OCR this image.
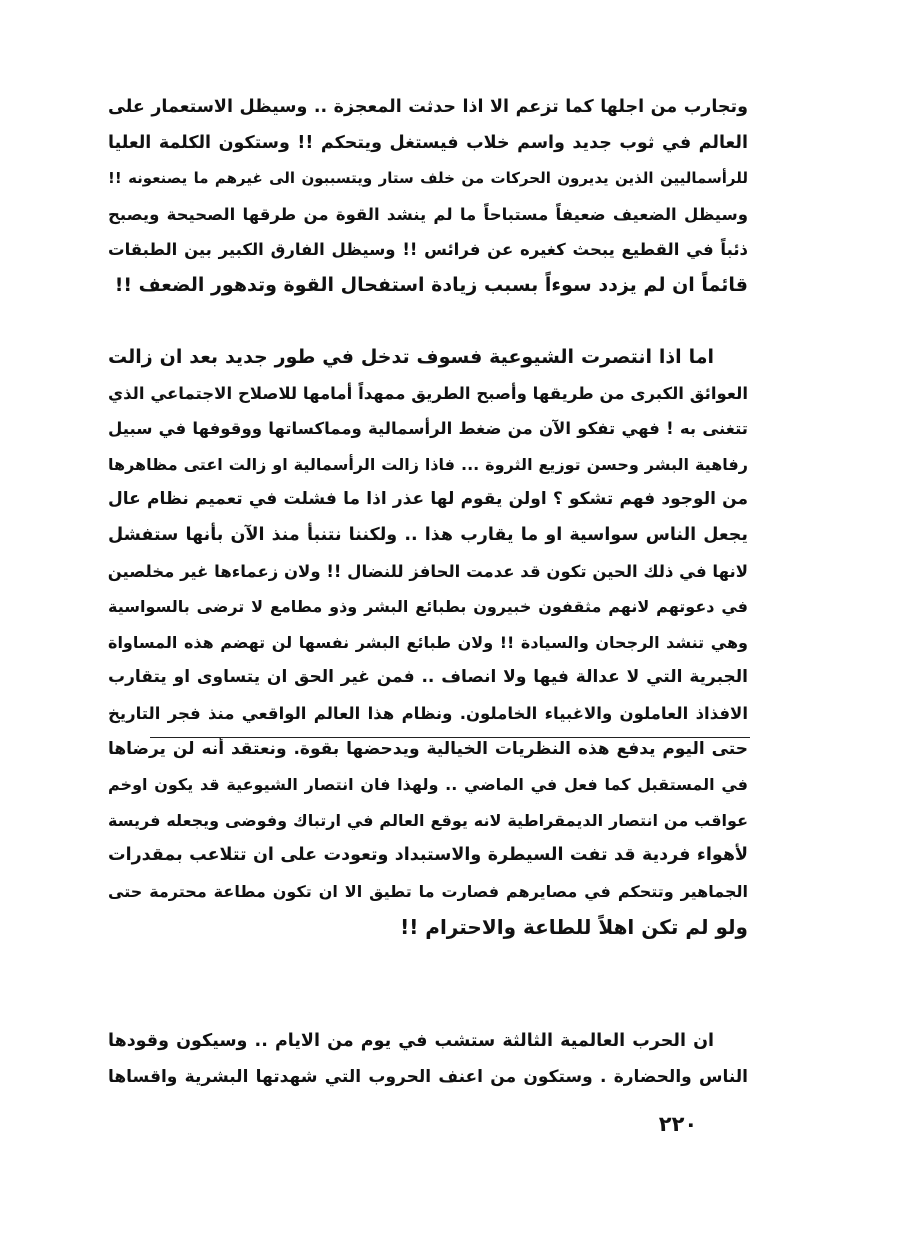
وتجارب من اجلها كما تزعم الا اذا حدثت المعجزة .. وسيظل الاستعمار على
العالم في ثوب جديد واسم خلاب فيستغل ويتحكم !! وستكون الكلمة العليا
للرأسماليين الذين يديرون الحركات من خلف ستار ويتسببون الى غيرهم ما يصنعونه !!
وسيظل الضعيف ضعيفاً مستباحاً ما لم ينشد القوة من طرقها الصحيحة ويصبح
ذئباً في القطيع يبحث كغيره عن فرائس !! وسيظل الفارق الكبير بين الطبقات
قائماً ان لم يزدد سوءاً بسبب زيادة استفحال القوة وتدهور الضعف !!
اما اذا انتصرت الشيوعية فسوف تدخل في طور جديد بعد ان زالت
العوائق الكبرى من طريقها وأصبح الطريق ممهداً أمامها للاصلاح الاجتماعي الذي
تتغنى به ! فهي تفكو الآن من ضغط الرأسمالية ومماكساتها ووقوفها في سبيل
رفاهية البشر وحسن توزيع الثروة ... فاذا زالت الرأسمالية او زالت اعتى مظاهرها
من الوجود فهم تشكو ؟ اولن يقوم لها عذر اذا ما فشلت في تعميم نظام عال
يجعل الناس سواسية او ما يقارب هذا .. ولكننا نتنبأ منذ الآن بأنها ستفشل
لانها في ذلك الحين تكون قد عدمت الحافز للنضال !! ولان زعماءها غير مخلصين
في دعوتهم لانهم مثقفون خبيرون بطبائع البشر وذو مطامع لا ترضى بالسواسية
وهي تنشد الرجحان والسيادة !! ولان طبائع البشر نفسها لن تهضم هذه المساواة
الجبرية التي لا عدالة فيها ولا انصاف .. فمن غير الحق ان يتساوى او يتقارب
الافذاذ العاملون والاغبياء الخاملون. ونظام هذا العالم الواقعي منذ فجر التاريخ
حتى اليوم يدفع هذه النظريات الخيالية ويدحضها بقوة. ونعتقد أنه لن يرضاها
في المستقبل كما فعل في الماضي .. ولهذا فان انتصار الشيوعية قد يكون اوخم
عواقب من انتصار الديمقراطية لانه يوقع العالم في ارتباك وفوضى ويجعله فريسة
لأهواء فردية قد تفت السيطرة والاستبداد وتعودت على ان تتلاعب بمقدرات
الجماهير وتتحكم في مصايرهم فصارت ما تطيق الا ان تكون مطاعة محترمة حتى
ولو لم تكن اهلاً للطاعة والاحترام !!
ان الحرب العالمية الثالثة ستشب في يوم من الايام .. وسيكون وقودها
الناس والحضارة . وستكون من اعنف الحروب التي شهدتها البشرية واقساها
٢٢٠
